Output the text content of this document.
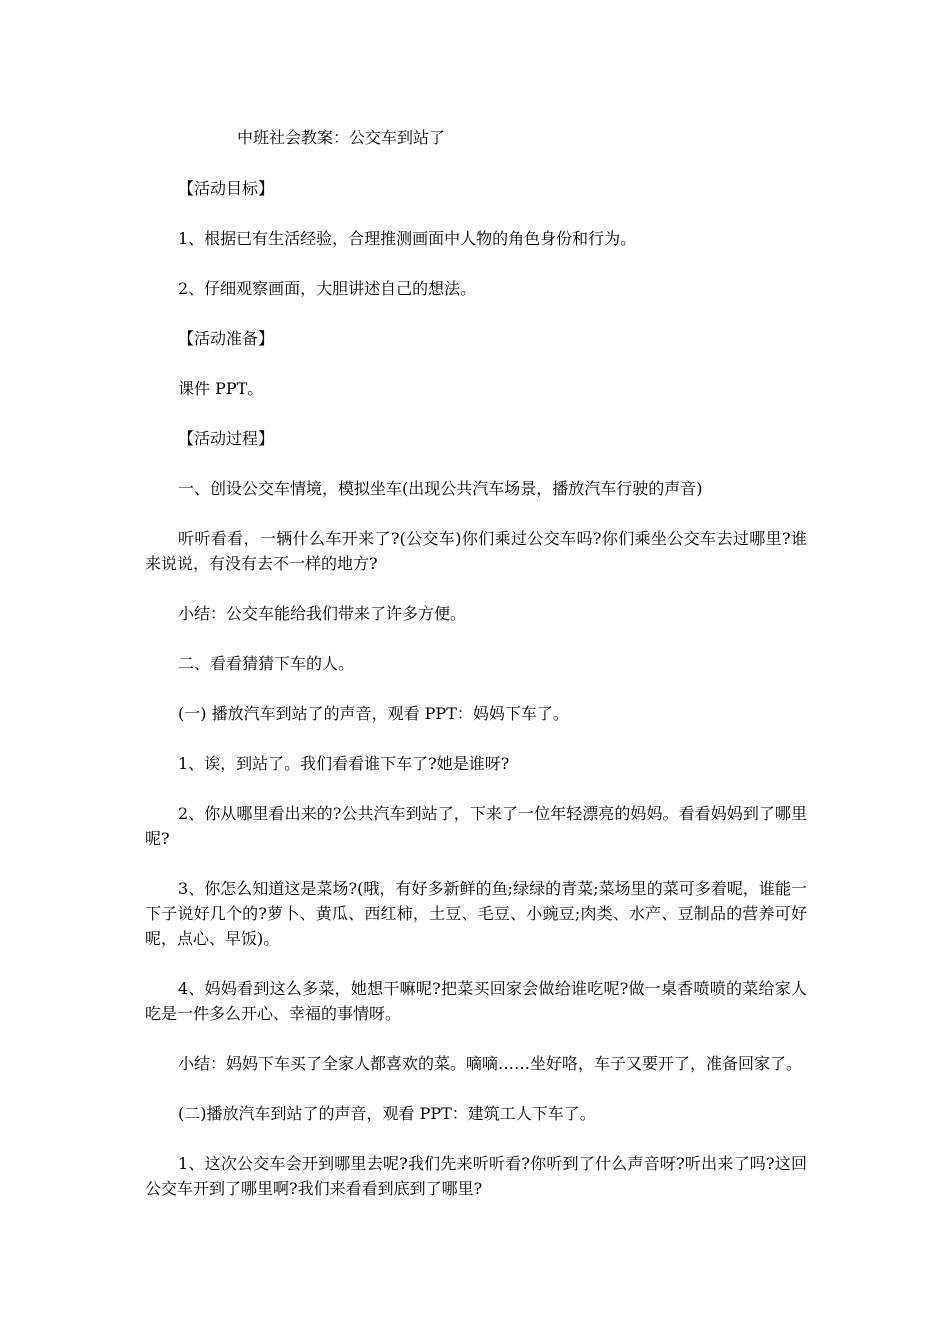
中班社会教案：公交车到站了

【活动目标】

1、根据已有生活经验，合理推测画面中人物的角色身份和行为。

2、仔细观察画面，大胆讲述自己的想法。

【活动准备】

课件 PPT。

【活动过程】

一、创设公交车情境，模拟坐车(出现公共汽车场景，播放汽车行驶的声音)

听听看看，一辆什么车开来了?(公交车)你们乘过公交车吗?你们乘坐公交车去过哪里?谁来说说，有没有去不一样的地方?

小结：公交车能给我们带来了许多方便。

二、看看猜猜下车的人。

(一) 播放汽车到站了的声音，观看 PPT：妈妈下车了。

1、诶，到站了。我们看看谁下车了?她是谁呀?

2、你从哪里看出来的?公共汽车到站了，下来了一位年轻漂亮的妈妈。看看妈妈到了哪里呢?

3、你怎么知道这是菜场?(哦，有好多新鲜的鱼;绿绿的青菜;菜场里的菜可多着呢，谁能一下子说好几个的?萝卜、黄瓜、西红柿，土豆、毛豆、小豌豆;肉类、水产、豆制品的营养可好呢，点心、早饭)。

4、妈妈看到这么多菜，她想干嘛呢?把菜买回家会做给谁吃呢?做一桌香喷喷的菜给家人吃是一件多么开心、幸福的事情呀。

小结：妈妈下车买了全家人都喜欢的菜。嘀嘀……坐好咯，车子又要开了，准备回家了。

(二)播放汽车到站了的声音，观看 PPT：建筑工人下车了。

1、这次公交车会开到哪里去呢?我们先来听听看?你听到了什么声音呀?听出来了吗?这回公交车开到了哪里啊?我们来看看到底到了哪里?
